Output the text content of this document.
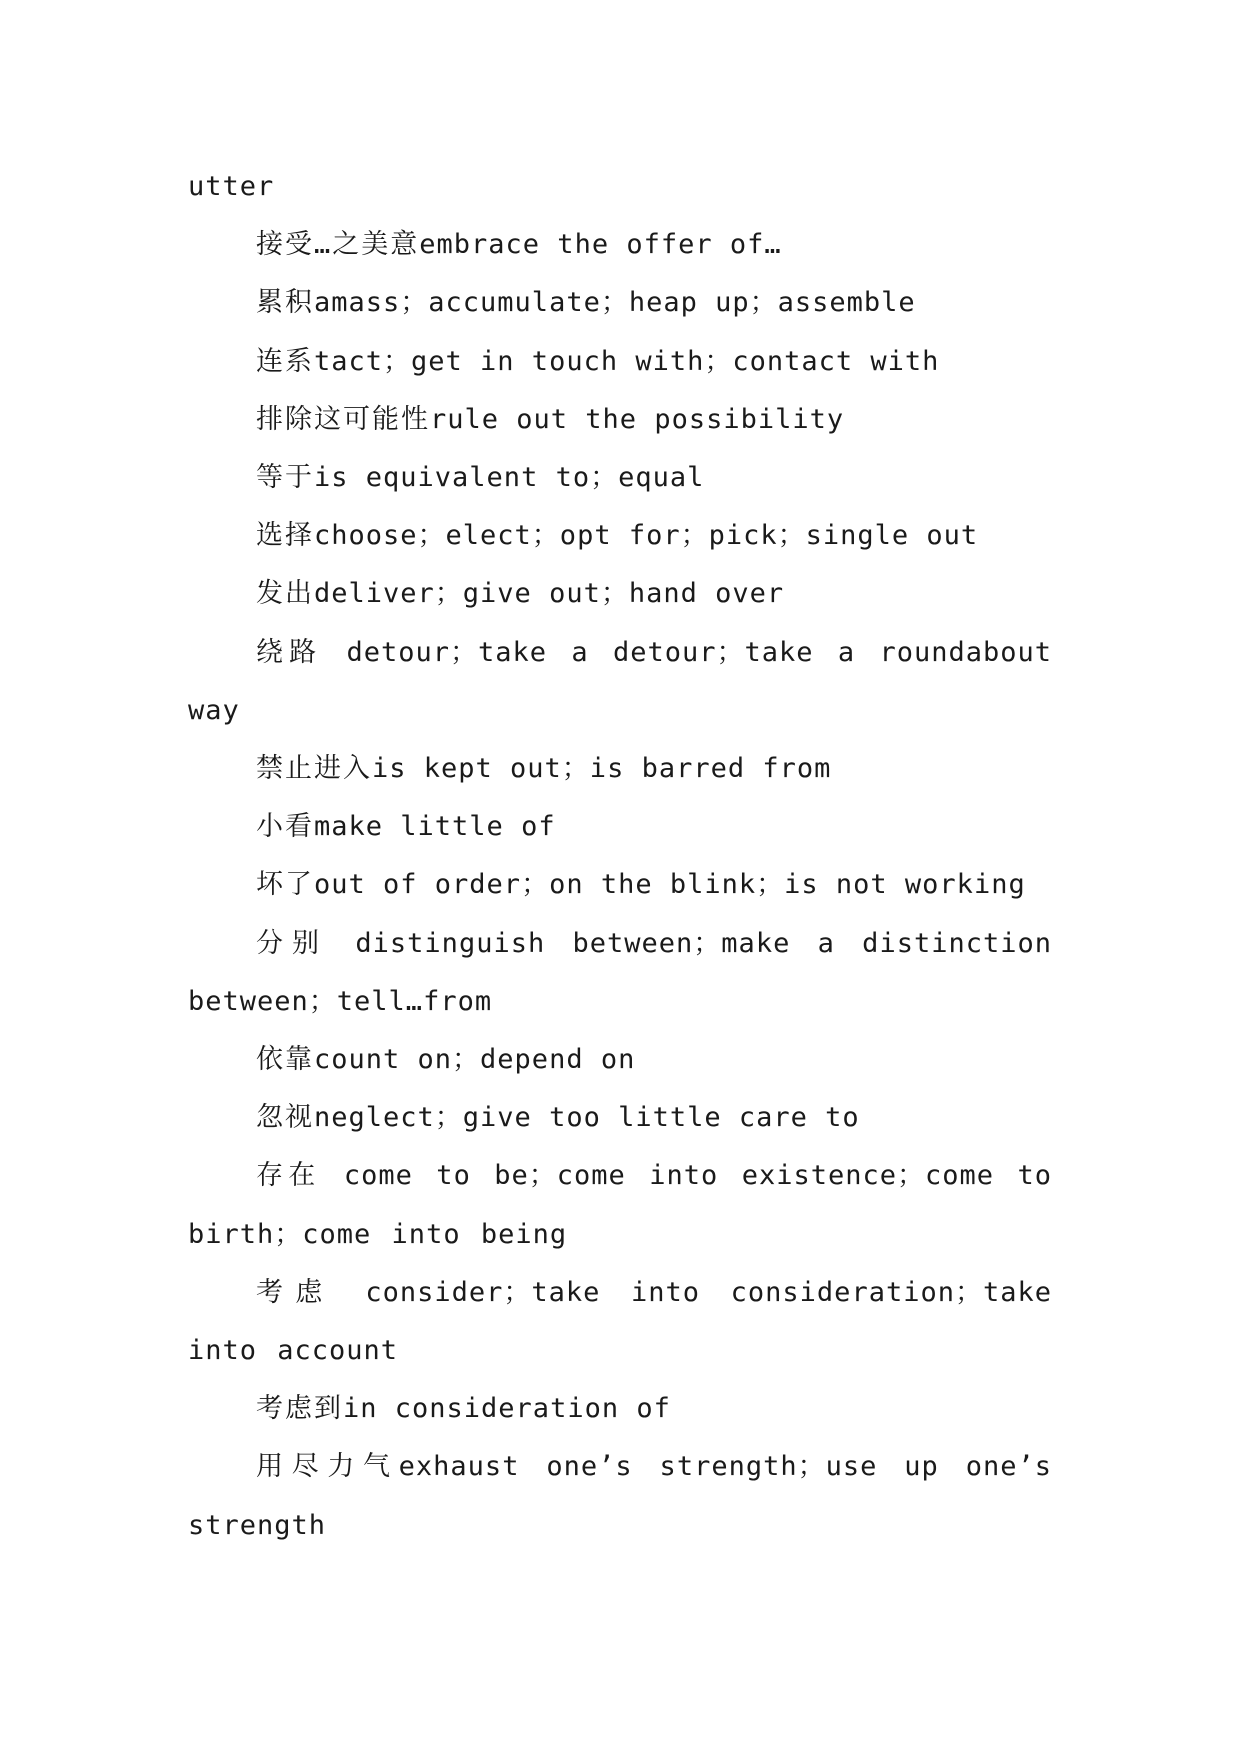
utter

接受…之美意embrace the offer of…

累积amass；accumulate；heap up；assemble

连系tact；get in touch with；contact with

排除这可能性rule out the possibility

等于is equivalent to；equal

选择choose；elect；opt for；pick；single out

发出deliver；give out；hand over

绕路 detour；take a detour；take a roundabout way

禁止进入is kept out；is barred from

小看make little of

坏了out of order；on the blink；is not working

分别 distinguish between；make a distinction between；tell…from

依靠count on；depend on

忽视neglect；give too little care to

存在 come to be；come into existence；come to birth；come into being

考虑 consider；take into consideration；take into account

考虑到in consideration of

用尽力气exhaust one’s strength；use up one’s strength
